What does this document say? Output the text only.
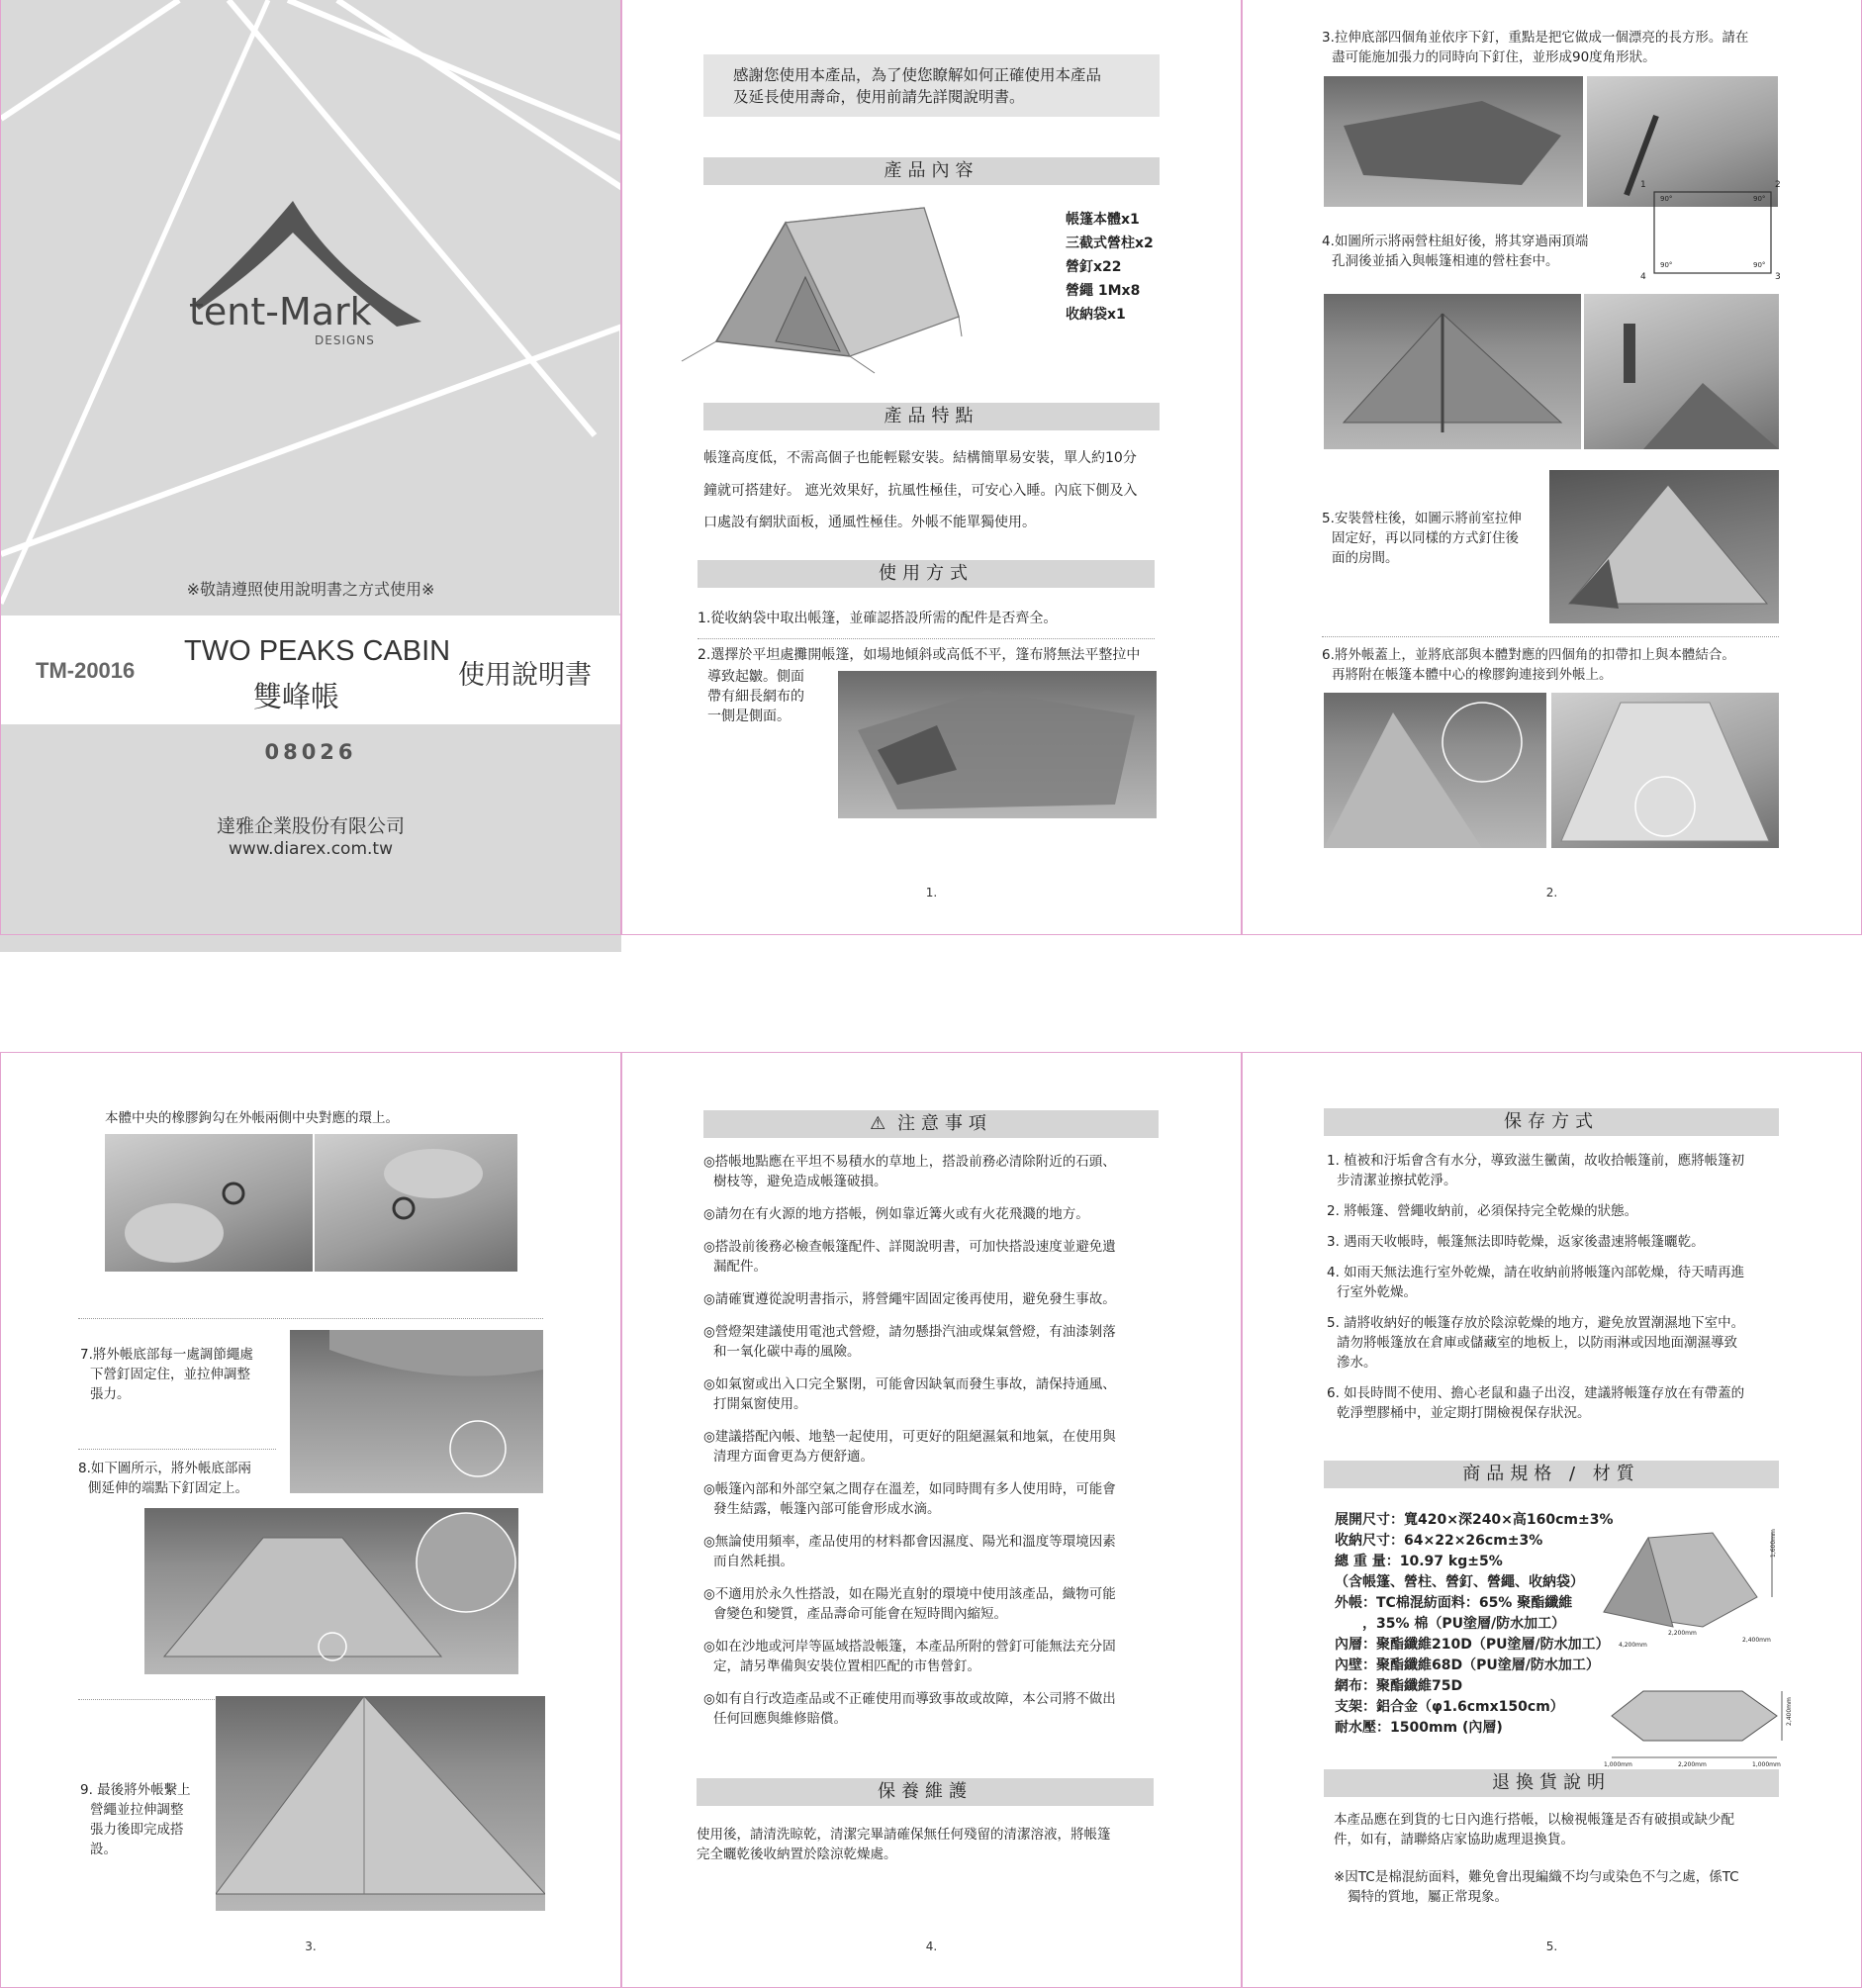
tent-Mark
DESIGNS
※敬請遵照使用說明書之方式使用※
TM-20016
TWO PEAKS CABIN
雙峰帳
使用說明書
08026
達雅企業股份有限公司
www.diarex.com.tw
感謝您使用本產品，為了使您瞭解如何正確使用本產品
及延長使用壽命，使用前請先詳閱說明書。
產品內容
帳篷本體x1
三截式營柱x2
營釘x22
營繩 1Mx8
收納袋x1
產品特點
帳篷高度低，不需高個子也能輕鬆安裝。結構簡單易安裝，單人約10分
鐘就可搭建好。 遮光效果好，抗風性極佳，可安心入睡。內底下側及入
口處設有網狀面板，通風性極佳。外帳不能單獨使用。
使用方式
1.從收納袋中取出帳篷，並確認搭設所需的配件是否齊全。
2.選擇於平坦處攤開帳篷，如場地傾斜或高低不平，篷布將無法平整拉中
導致起皺。側面
帶有細長網布的
一側是側面。
1.
3.拉伸底部四個角並依序下釘，重點是把它做成一個漂亮的長方形。請在
盡可能施加張力的同時向下釘住，並形成90度角形狀。
1	2
3
4
90°	90°
90°
90°
4.如圖所示將兩營柱組好後，將其穿過兩頂端
孔洞後並插入與帳篷相連的營柱套中。
5.安裝營柱後，如圖示將前室拉伸
固定好，再以同樣的方式釘住後
面的房間。
6.將外帳蓋上，並將底部與本體對應的四個角的扣帶扣上與本體結合。
再將附在帳篷本體中心的橡膠鉤連接到外帳上。
2.
本體中央的橡膠鉤勾在外帳兩側中央對應的環上。
7.將外帳底部每一處調節繩處
下營釘固定住，並拉伸調整
張力。
8.如下圖所示，將外帳底部兩
側延伸的端點下釘固定上。
9. 最後將外帳繫上
營繩並拉伸調整
張力後即完成搭
設。
3.
⚠ 注意事項
◎搭帳地點應在平坦不易積水的草地上，搭設前務必清除附近的石頭、
樹枝等，避免造成帳篷破損。
◎請勿在有火源的地方搭帳，例如靠近篝火或有火花飛濺的地方。
◎搭設前後務必檢查帳篷配件、詳閱說明書，可加快搭設速度並避免遺
漏配件。
◎請確實遵從說明書指示，將營繩牢固固定後再使用，避免發生事故。
◎營燈架建議使用電池式營燈，請勿懸掛汽油或煤氣營燈，有油漆剝落
和一氧化碳中毒的風險。
◎如氣窗或出入口完全緊閉，可能會因缺氧而發生事故，請保持通風、
打開氣窗使用。
◎建議搭配內帳、地墊一起使用，可更好的阻絕濕氣和地氣，在使用與
清理方面會更為方便舒適。
◎帳篷內部和外部空氣之間存在溫差，如同時間有多人使用時，可能會
發生結露，帳篷內部可能會形成水滴。
◎無論使用頻率，產品使用的材料都會因濕度、陽光和溫度等環境因素
而自然耗損。
◎不適用於永久性搭設，如在陽光直射的環境中使用該產品，織物可能
會變色和變質，產品壽命可能會在短時間內縮短。
◎如在沙地或河岸等區域搭設帳篷，本產品所附的營釘可能無法充分固
定，請另準備與安裝位置相匹配的市售營釘。
◎如有自行改造產品或不正確使用而導致事故或故障，本公司將不做出
任何回應與維修賠償。
保養維護
使用後，請清洗晾乾，清潔完畢請確保無任何殘留的清潔溶液，將帳篷
完全曬乾後收納置於陰涼乾燥處。
4.
保存方式
1. 植被和汙垢會含有水分，導致滋生黴菌，故收拾帳篷前，應將帳篷初
步清潔並擦拭乾淨。
2. 將帳篷、營繩收納前，必須保持完全乾燥的狀態。
3. 遇雨天收帳時，帳篷無法即時乾燥，返家後盡速將帳篷曬乾。
4. 如雨天無法進行室外乾燥，請在收納前將帳篷內部乾燥，待天晴再進
行室外乾燥。
5. 請將收納好的帳篷存放於陰涼乾燥的地方，避免放置潮濕地下室中。
請勿將帳篷放在倉庫或儲藏室的地板上，以防雨淋或因地面潮濕導致
滲水。
6. 如長時間不使用、擔心老鼠和蟲子出沒，建議將帳篷存放在有帶蓋的
乾淨塑膠桶中，並定期打開檢視保存狀況。
商品規格 / 材質
展開尺寸：寬420×深240×高160cm±3%
收納尺寸：64×22×26cm±3%
總 重 量：10.97 kg±5%
（含帳篷、營柱、營釘、營繩、收納袋）
外帳：TC棉混紡面料：65% 聚酯纖維
　　，35% 棉（PU塗層/防水加工）
內層：聚酯纖維210D（PU塗層/防水加工）
內壁：聚酯纖維68D（PU塗層/防水加工）
網布：聚酯纖維75D
支架：鋁合金（φ1.6cmx150cm）
耐水壓：1500mm (內層)
1,600mm
2,200mm
4,200mm
2,400mm
2,400mm
1,000mm	2,200mm	1,000mm
退換貨說明
本產品應在到貨的七日內進行搭帳，以檢視帳篷是否有破損或缺少配
件，如有，請聯絡店家協助處理退換貨。
※因TC是棉混紡面料，難免會出現編織不均勻或染色不勻之處，係TC
獨特的質地，屬正常現象。
5.
